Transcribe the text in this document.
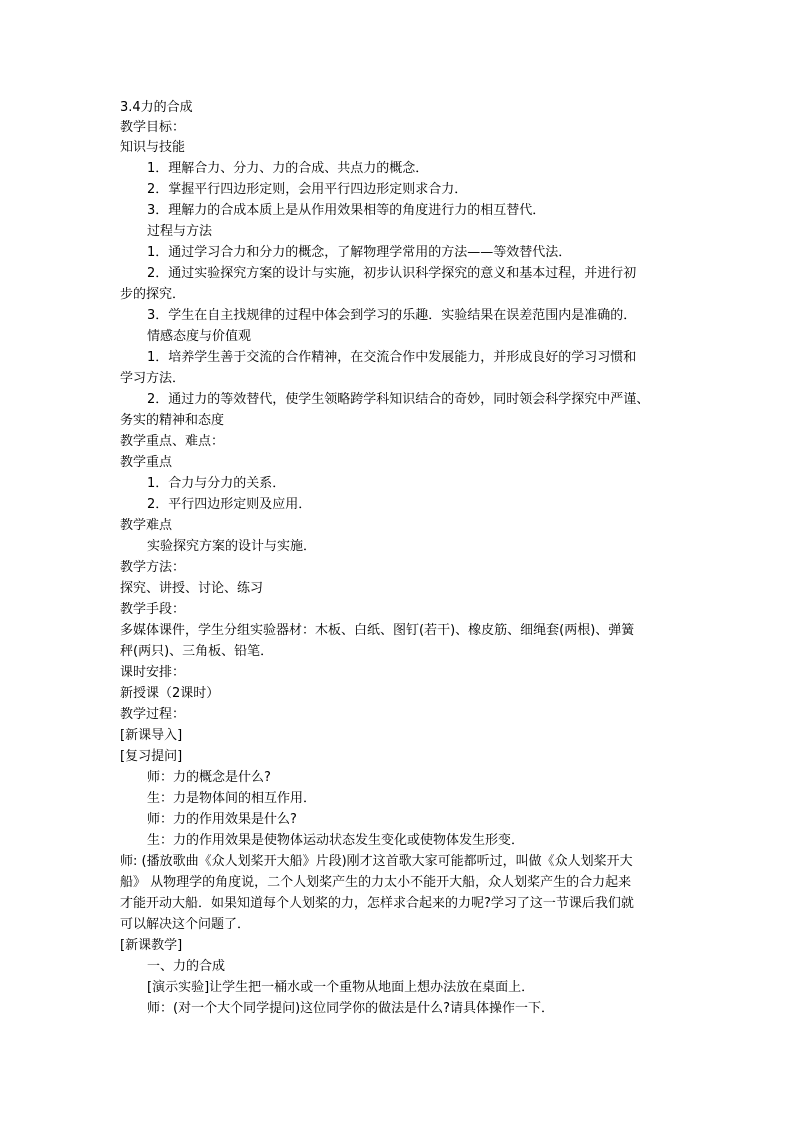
3.4力的合成
教学目标：
知识与技能
1．理解合力、分力、力的合成、共点力的概念．
2．掌握平行四边形定则，会用平行四边形定则求合力．
3．理解力的合成本质上是从作用效果相等的角度进行力的相互替代．
过程与方法
1．通过学习合力和分力的概念，了解物理学常用的方法——等效替代法．
2．通过实验探究方案的设计与实施，初步认识科学探究的意义和基本过程，并进行初
步的探究．
3．学生在自主找规律的过程中体会到学习的乐趣．实验结果在误差范围内是准确的．
情感态度与价值观
1．培养学生善于交流的合作精神，在交流合作中发展能力，并形成良好的学习习惯和
学习方法．
2．通过力的等效替代，使学生领略跨学科知识结合的奇妙，同时领会科学探究中严谨、
务实的精神和态度
教学重点、难点：
教学重点
1．合力与分力的关系．
2．平行四边形定则及应用．
教学难点
实验探究方案的设计与实施．
教学方法：
探究、讲授、讨论、练习
教学手段：
多媒体课件，学生分组实验器材：木板、白纸、图钉(若干)、橡皮筋、细绳套(两根)、弹簧
秤(两只)、三角板、铅笔．
课时安排：
新授课（2课时）
教学过程：
[新课导入]
[复习提问]
师：力的概念是什么?
生：力是物体间的相互作用．
师：力的作用效果是什么?
生：力的作用效果是使物体运动状态发生变化或使物体发生形变．
师: (播放歌曲《众人划桨开大船》片段)刚才这首歌大家可能都听过，叫做《众人划桨开大
船》 从物理学的角度说，二个人划桨产生的力太小不能开大船，众人划桨产生的合力起来
才能开动大船．如果知道每个人划桨的力，怎样求合起来的力呢?学习了这一节课后我们就
可以解决这个问题了．
[新课教学]
一、力的合成
[演示实验]让学生把一桶水或一个重物从地面上想办法放在桌面上．
师：(对一个大个同学提问)这位同学你的做法是什么?请具体操作一下．
